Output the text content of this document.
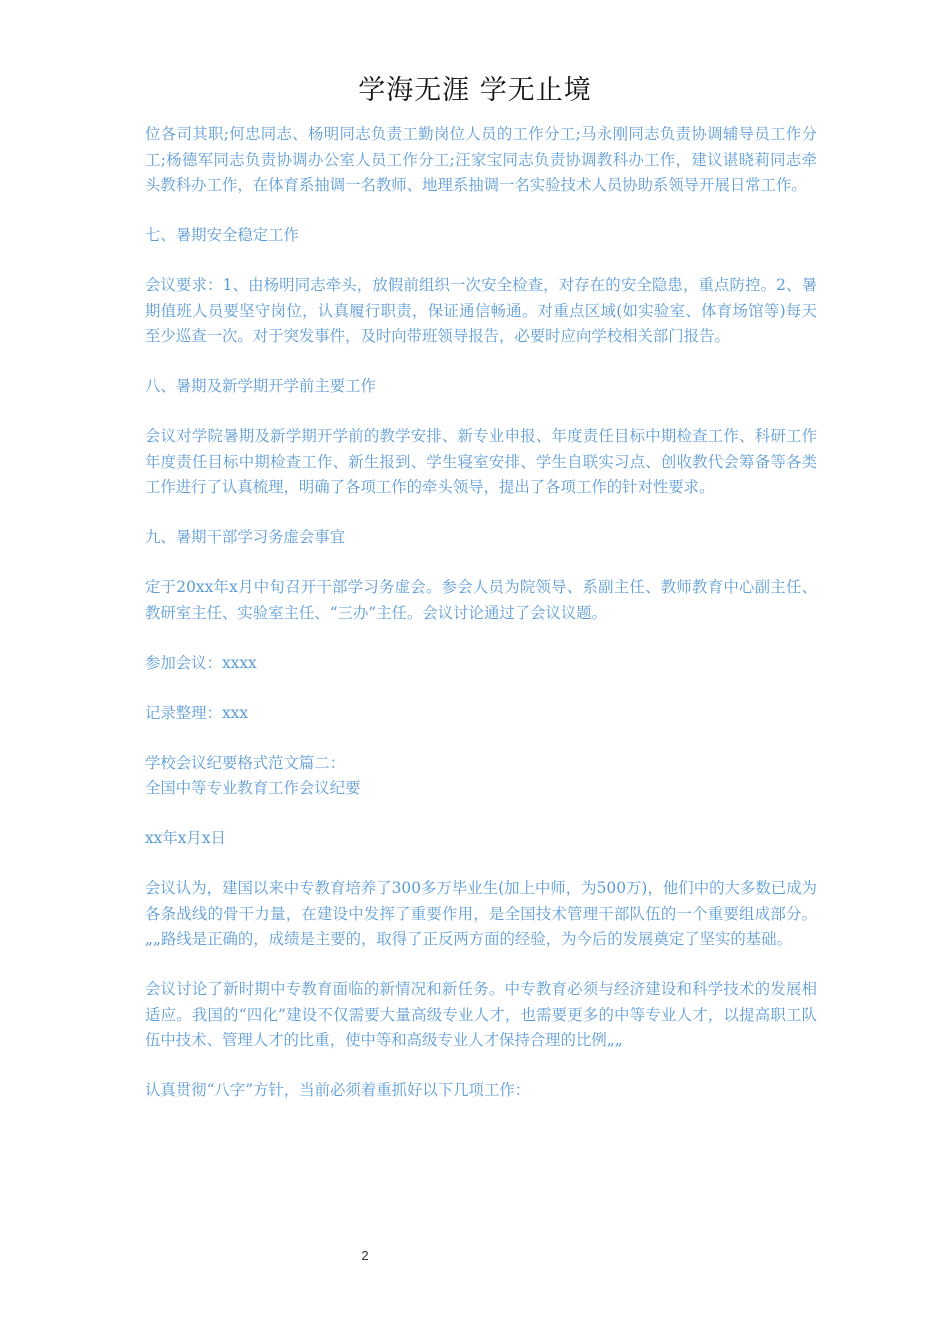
学海无涯 学无止境

位各司其职;何忠同志、杨明同志负责工勤岗位人员的工作分工;马永刚同志负责协调辅导员工作分工;杨德军同志负责协调办公室人员工作分工;汪家宝同志负责协调教科办工作，建议谌晓莉同志牵头教科办工作，在体育系抽调一名教师、地理系抽调一名实验技术人员协助系领导开展日常工作。

七、暑期安全稳定工作

会议要求：1、由杨明同志牵头，放假前组织一次安全检查，对存在的安全隐患，重点防控。2、暑期值班人员要坚守岗位，认真履行职责，保证通信畅通。对重点区域(如实验室、体育场馆等)每天至少巡查一次。对于突发事件，及时向带班领导报告，必要时应向学校相关部门报告。

八、暑期及新学期开学前主要工作

会议对学院暑期及新学期开学前的教学安排、新专业申报、年度责任目标中期检查工作、科研工作年度责任目标中期检查工作、新生报到、学生寝室安排、学生自联实习点、创收教代会筹备等各类工作进行了认真梳理，明确了各项工作的牵头领导，提出了各项工作的针对性要求。

九、暑期干部学习务虚会事宜

定于20xx年x月中旬召开干部学习务虚会。参会人员为院领导、系副主任、教师教育中心副主任、教研室主任、实验室主任、“三办”主任。会议讨论通过了会议议题。

参加会议：xxxx

记录整理：xxx

学校会议纪要格式范文篇二：

全国中等专业教育工作会议纪要

xx年x月x日

会议认为，建国以来中专教育培养了300多万毕业生(加上中师，为500万)，他们中的大多数已成为各条战线的骨干力量，在建设中发挥了重要作用，是全国技术管理干部队伍的一个重要组成部分。„„路线是正确的，成绩是主要的，取得了正反两方面的经验，为今后的发展奠定了坚实的基础。

会议讨论了新时期中专教育面临的新情况和新任务。中专教育必须与经济建设和科学技术的发展相适应。我国的“四化”建设不仅需要大量高级专业人才，也需要更多的中等专业人才，以提高职工队伍中技术、管理人才的比重，使中等和高级专业人才保持合理的比例„„

认真贯彻“八字”方针，当前必须着重抓好以下几项工作：

2
